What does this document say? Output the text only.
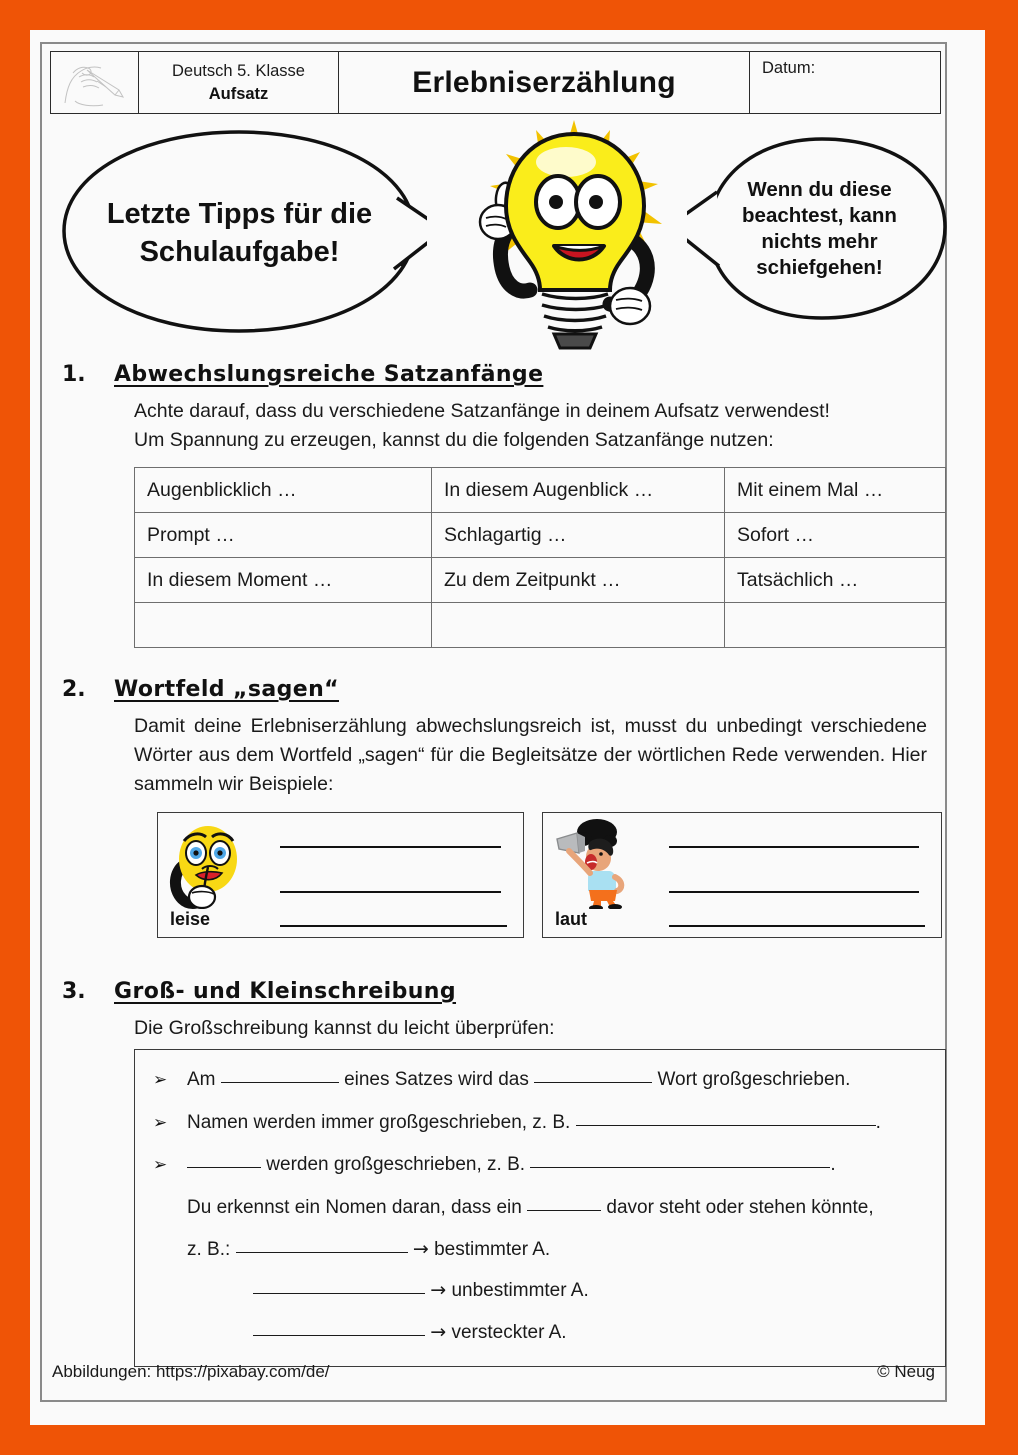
Deutsch 5. Klasse
Aufsatz	Erlebniserzählung	Datum:
Letzte Tipps für die Schulaufgabe!
Wenn du diese beachtest, kann nichts mehr schiefgehen!
1.	Abwechslungsreiche Satzanfänge
Achte darauf, dass du verschiedene Satzanfänge in deinem Aufsatz verwendest!
Um Spannung zu erzeugen, kannst du die folgenden Satzanfänge nutzen:
Augenblicklich …	In diesem Augenblick …	Mit einem Mal …
Prompt …	Schlagartig …	Sofort …
In diesem Moment …	Zu dem Zeitpunkt …	Tatsächlich …

2.	Wortfeld „sagen“
Damit deine Erlebniserzählung abwechslungsreich ist, musst du unbedingt verschiedene Wörter aus dem Wortfeld „sagen“ für die Begleitsätze der wörtlichen Rede verwenden. Hier sammeln wir Beispiele:
leise	laut
3.	Groß- und Kleinschreibung
Die Großschreibung kannst du leicht überprüfen:
➢	Am	eines Satzes wird das	Wort großgeschrieben.
➢	Namen werden immer großgeschrieben, z. B.	.
➢	werden großgeschrieben, z. B.	.
Du erkennst ein Nomen daran, dass ein	davor steht oder stehen könnte,
z. B.:	→ bestimmter A.
→ unbestimmter A.
→ versteckter A.
Abbildungen: https://pixabay.com/de/	© Neug
